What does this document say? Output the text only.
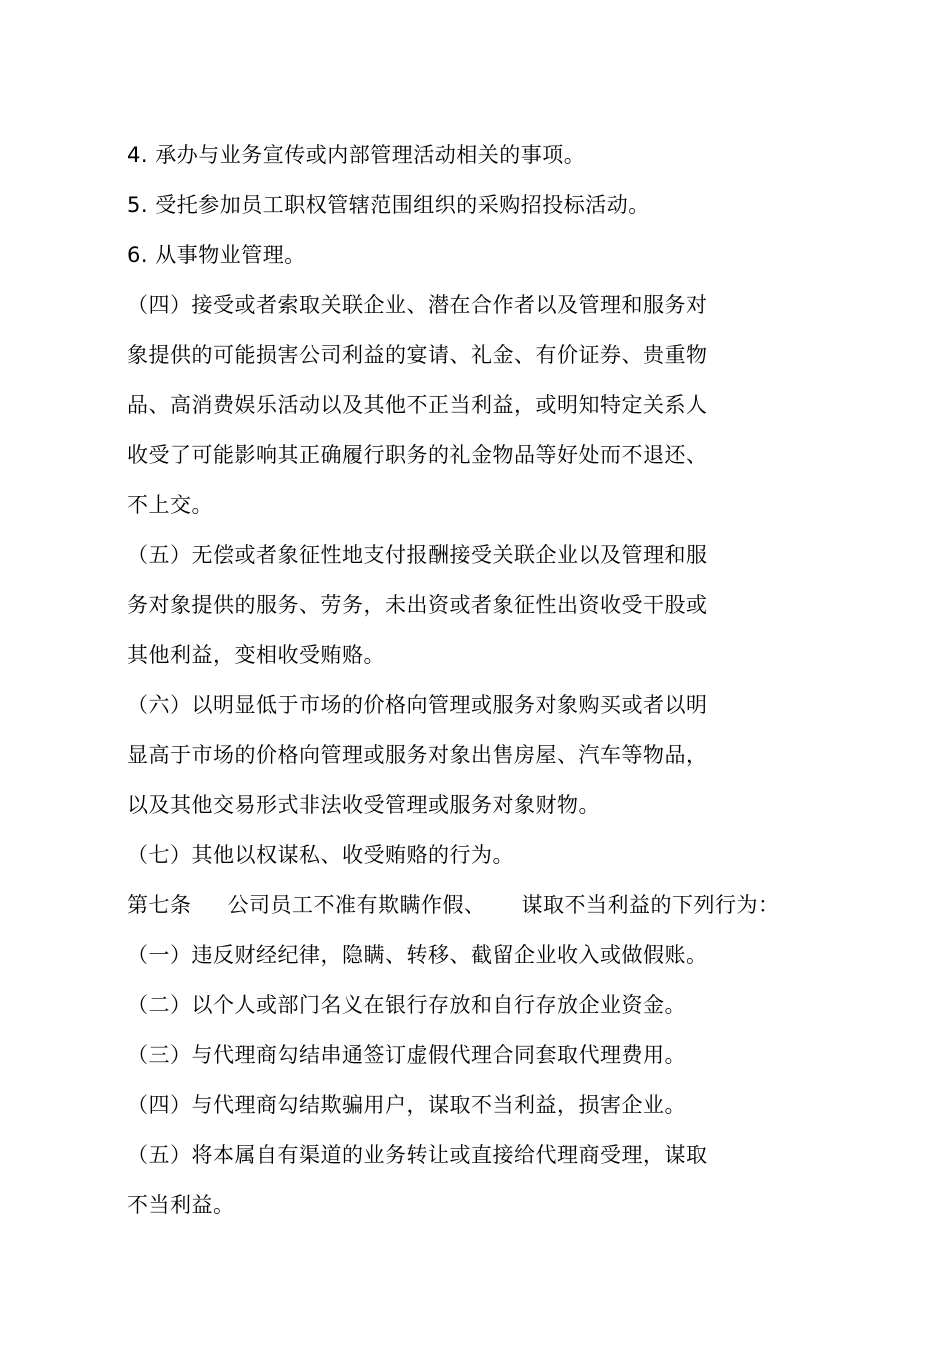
4. 承办与业务宣传或内部管理活动相关的事项。
5. 受托参加员工职权管辖范围组织的采购招投标活动。
6. 从事物业管理。
（四）接受或者索取关联企业、潜在合作者以及管理和服务对
象提供的可能损害公司利益的宴请、礼金、有价证券、贵重物
品、高消费娱乐活动以及其他不正当利益，或明知特定关系人
收受了可能影响其正确履行职务的礼金物品等好处而不退还、
不上交。
（五）无偿或者象征性地支付报酬接受关联企业以及管理和服
务对象提供的服务、劳务，未出资或者象征性出资收受干股或
其他利益，变相收受贿赂。
（六）以明显低于市场的价格向管理或服务对象购买或者以明
显高于市场的价格向管理或服务对象出售房屋、汽车等物品，
以及其他交易形式非法收受管理或服务对象财物。
（七）其他以权谋私、收受贿赂的行为。
第七条 公司员工不准有欺瞒作假、 谋取不当利益的下列行为：
（一）违反财经纪律，隐瞒、转移、截留企业收入或做假账。
（二）以个人或部门名义在银行存放和自行存放企业资金。
（三）与代理商勾结串通签订虚假代理合同套取代理费用。
（四）与代理商勾结欺骗用户，谋取不当利益，损害企业。
（五）将本属自有渠道的业务转让或直接给代理商受理，谋取
不当利益。
